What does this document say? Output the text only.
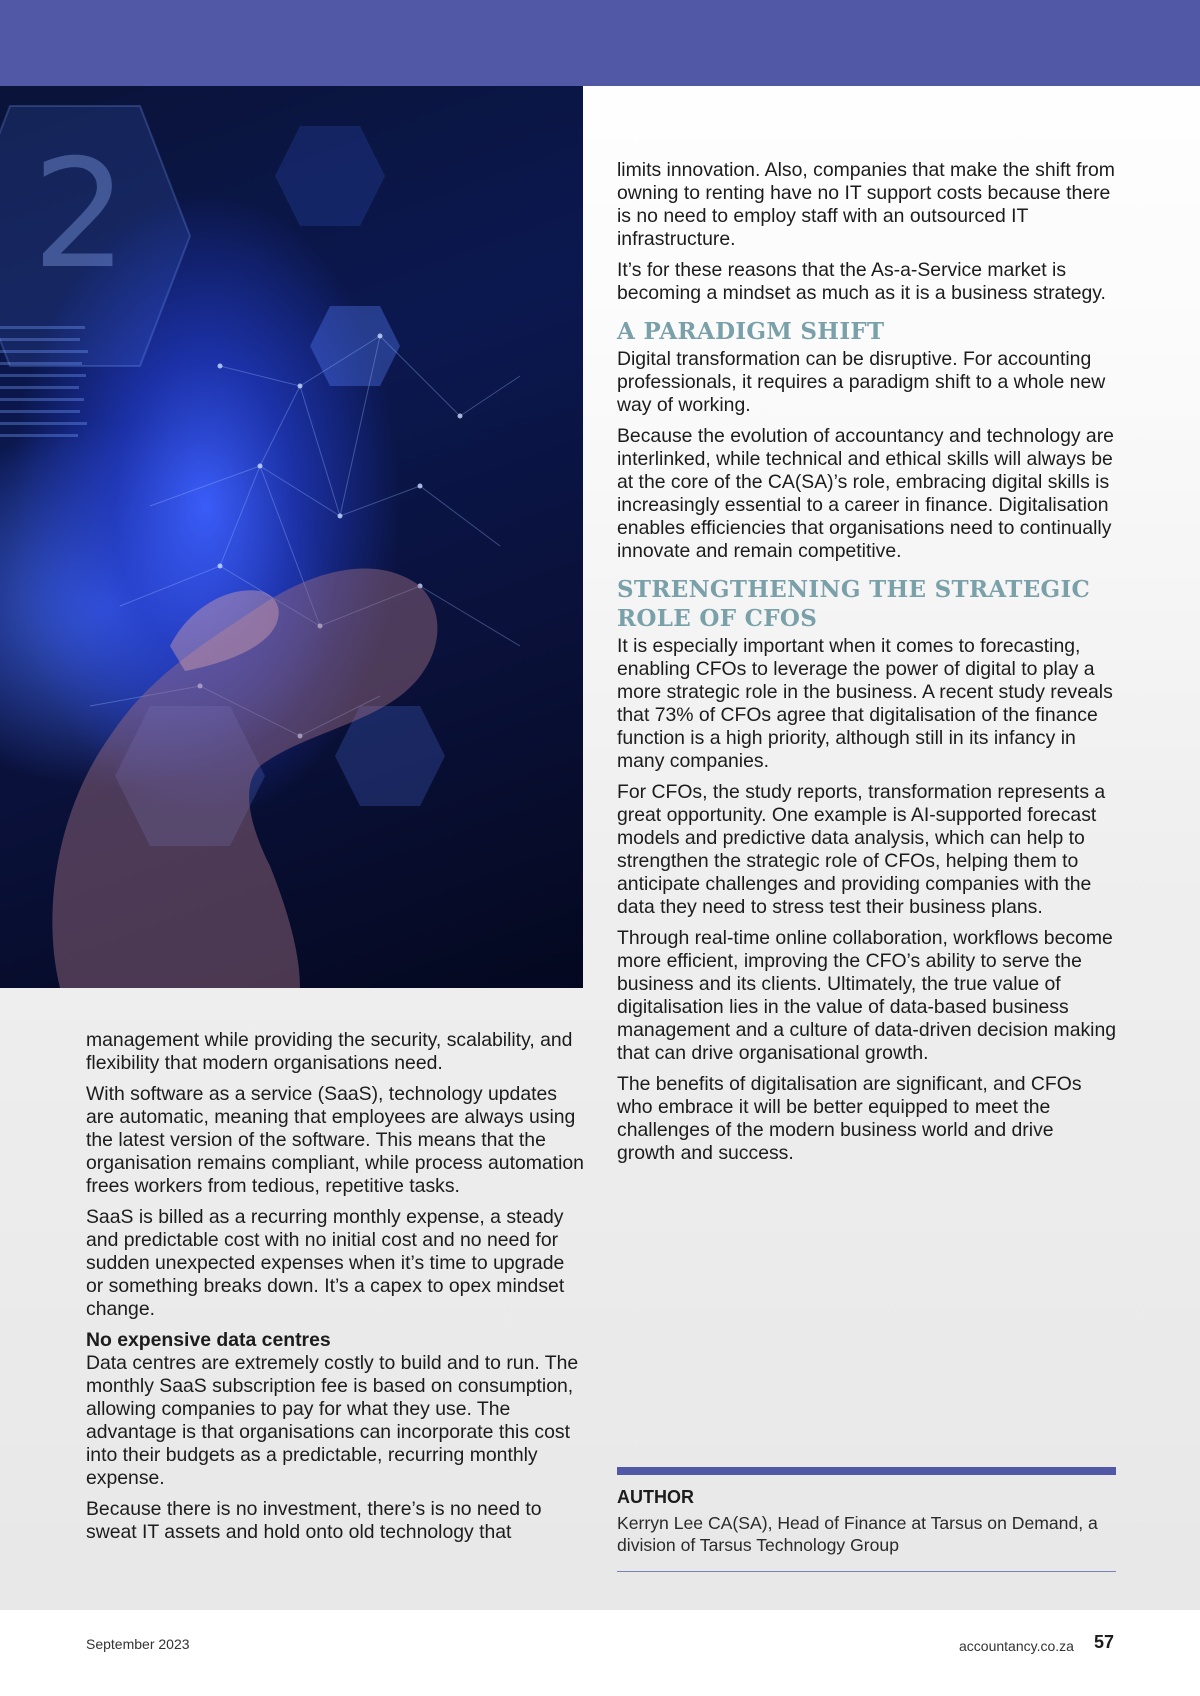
2

management while providing the security, scalability, and flexibility that modern organisations need.

With software as a service (SaaS), technology updates are automatic, meaning that employees are always using the latest version of the software. This means that the organisation remains compliant, while process automation frees workers from tedious, repetitive tasks.

SaaS is billed as a recurring monthly expense, a steady and predictable cost with no initial cost and no need for sudden unexpected expenses when it’s time to upgrade or something breaks down. It’s a capex to opex mindset change.

No expensive data centres

Data centres are extremely costly to build and to run. The monthly SaaS subscription fee is based on consumption, allowing companies to pay for what they use. The advantage is that organisations can incorporate this cost into their budgets as a predictable, recurring monthly expense.

Because there is no investment, there’s is no need to sweat IT assets and hold onto old technology that

limits innovation. Also, companies that make the shift from owning to renting have no IT support costs because there is no need to employ staff with an outsourced IT infrastructure.

It’s for these reasons that the As-a-Service market is becoming a mindset as much as it is a business strategy.

A PARADIGM SHIFT

Digital transformation can be disruptive. For accounting professionals, it requires a paradigm shift to a whole new way of working.

Because the evolution of accountancy and technology are interlinked, while technical and ethical skills will always be at the core of the CA(SA)’s role, embracing digital skills is increasingly essential to a career in finance. Digitalisation enables efficiencies that organisations need to continually innovate and remain competitive.

STRENGTHENING THE STRATEGIC ROLE OF CFOS

It is especially important when it comes to forecasting, enabling CFOs to leverage the power of digital to play a more strategic role in the business. A recent study reveals that 73% of CFOs agree that digitalisation of the finance function is a high priority, although still in its infancy in many companies.

For CFOs, the study reports, transformation represents a great opportunity. One example is AI-supported forecast models and predictive data analysis, which can help to strengthen the strategic role of CFOs, helping them to anticipate challenges and providing companies with the data they need to stress test their business plans.

Through real-time online collaboration, workflows become more efficient, improving the CFO’s ability to serve the business and its clients. Ultimately, the true value of digitalisation lies in the value of data-based business management and a culture of data-driven decision making that can drive organisational growth.

The benefits of digitalisation are significant, and CFOs who embrace it will be better equipped to meet the challenges of the modern business world and drive growth and success.

AUTHOR
Kerryn Lee CA(SA), Head of Finance at Tarsus on Demand, a division of Tarsus Technology Group
September 2023	accountancy.co.za 57
